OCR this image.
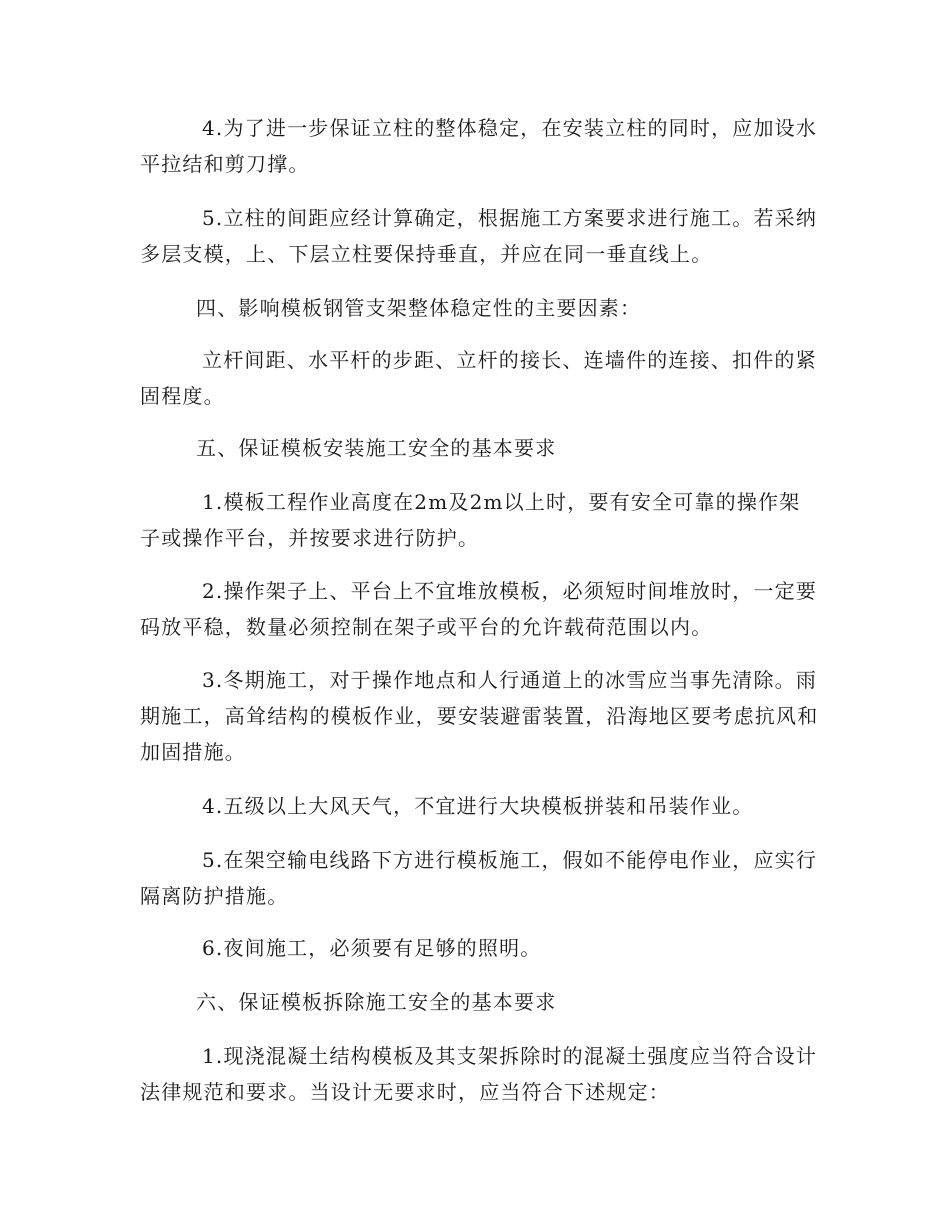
4.为了进一步保证立柱的整体稳定，在安装立柱的同时，应加设水平拉结和剪刀撑。

5.立柱的间距应经计算确定，根据施工方案要求进行施工。若采纳多层支模，上、下层立柱要保持垂直，并应在同一垂直线上。

四、影响模板钢管支架整体稳定性的主要因素：

立杆间距、水平杆的步距、立杆的接长、连墙件的连接、扣件的紧固程度。

五、保证模板安装施工安全的基本要求

1.模板工程作业高度在2m及2m以上时，要有安全可靠的操作架子或操作平台，并按要求进行防护。

2.操作架子上、平台上不宜堆放模板，必须短时间堆放时，一定要码放平稳，数量必须控制在架子或平台的允许载荷范围以内。

3.冬期施工，对于操作地点和人行通道上的冰雪应当事先清除。雨期施工，高耸结构的模板作业，要安装避雷装置，沿海地区要考虑抗风和加固措施。

4.五级以上大风天气，不宜进行大块模板拼装和吊装作业。

5.在架空输电线路下方进行模板施工，假如不能停电作业，应实行隔离防护措施。

6.夜间施工，必须要有足够的照明。

六、保证模板拆除施工安全的基本要求

1.现浇混凝土结构模板及其支架拆除时的混凝土强度应当符合设计法律规范和要求。当设计无要求时，应当符合下述规定：
